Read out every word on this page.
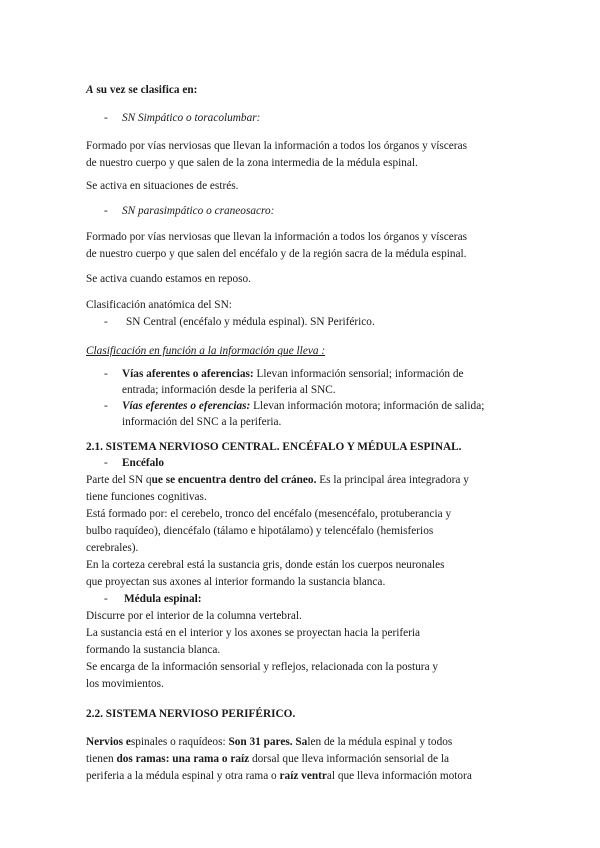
A su vez se clasifica en:
- SN Simpático o toracolumbar:
Formado por vías nerviosas que llevan la información a todos los órganos y vísceras
de nuestro cuerpo y que salen de la zona intermedia de la médula espinal.
Se activa en situaciones de estrés.
- SN parasimpático o craneosacro:
Formado por vías nerviosas que llevan la información a todos los órganos y vísceras
de nuestro cuerpo y que salen del encéfalo y de la región sacra de la médula espinal.
Se activa cuando estamos en reposo.
Clasificación anatómica del SN:
- SN Central (encéfalo y médula espinal). SN Periférico.
Clasificación en función a la información que lleva :
- Vías aferentes o aferencias: Llevan información sensorial; información de
entrada; información desde la periferia al SNC.
- Vías eferentes o eferencias: Llevan información motora; información de salida;
información del SNC a la periferia.
2.1. SISTEMA NERVIOSO CENTRAL. ENCÉFALO Y MÉDULA ESPINAL.
- Encéfalo
Parte del SN que se encuentra dentro del cráneo. Es la principal área integradora y
tiene funciones cognitivas.
Está formado por: el cerebelo, tronco del encéfalo (mesencéfalo, protuberancia y
bulbo raquídeo), diencéfalo (tálamo e hipotálamo) y telencéfalo (hemisferios
cerebrales).
En la corteza cerebral está la sustancia gris, donde están los cuerpos neuronales
que proyectan sus axones al interior formando la sustancia blanca.
- Médula espinal:
Discurre por el interior de la columna vertebral.
La sustancia está en el interior y los axones se proyectan hacia la periferia
formando la sustancia blanca.
Se encarga de la información sensorial y reflejos, relacionada con la postura y
los movimientos.
2.2. SISTEMA NERVIOSO PERIFÉRICO.
Nervios espinales o raquídeos: Son 31 pares. Salen de la médula espinal y todos
tienen dos ramas: una rama o raíz dorsal que lleva información sensorial de la
periferia a la médula espinal y otra rama o raíz ventral que lleva información motora
